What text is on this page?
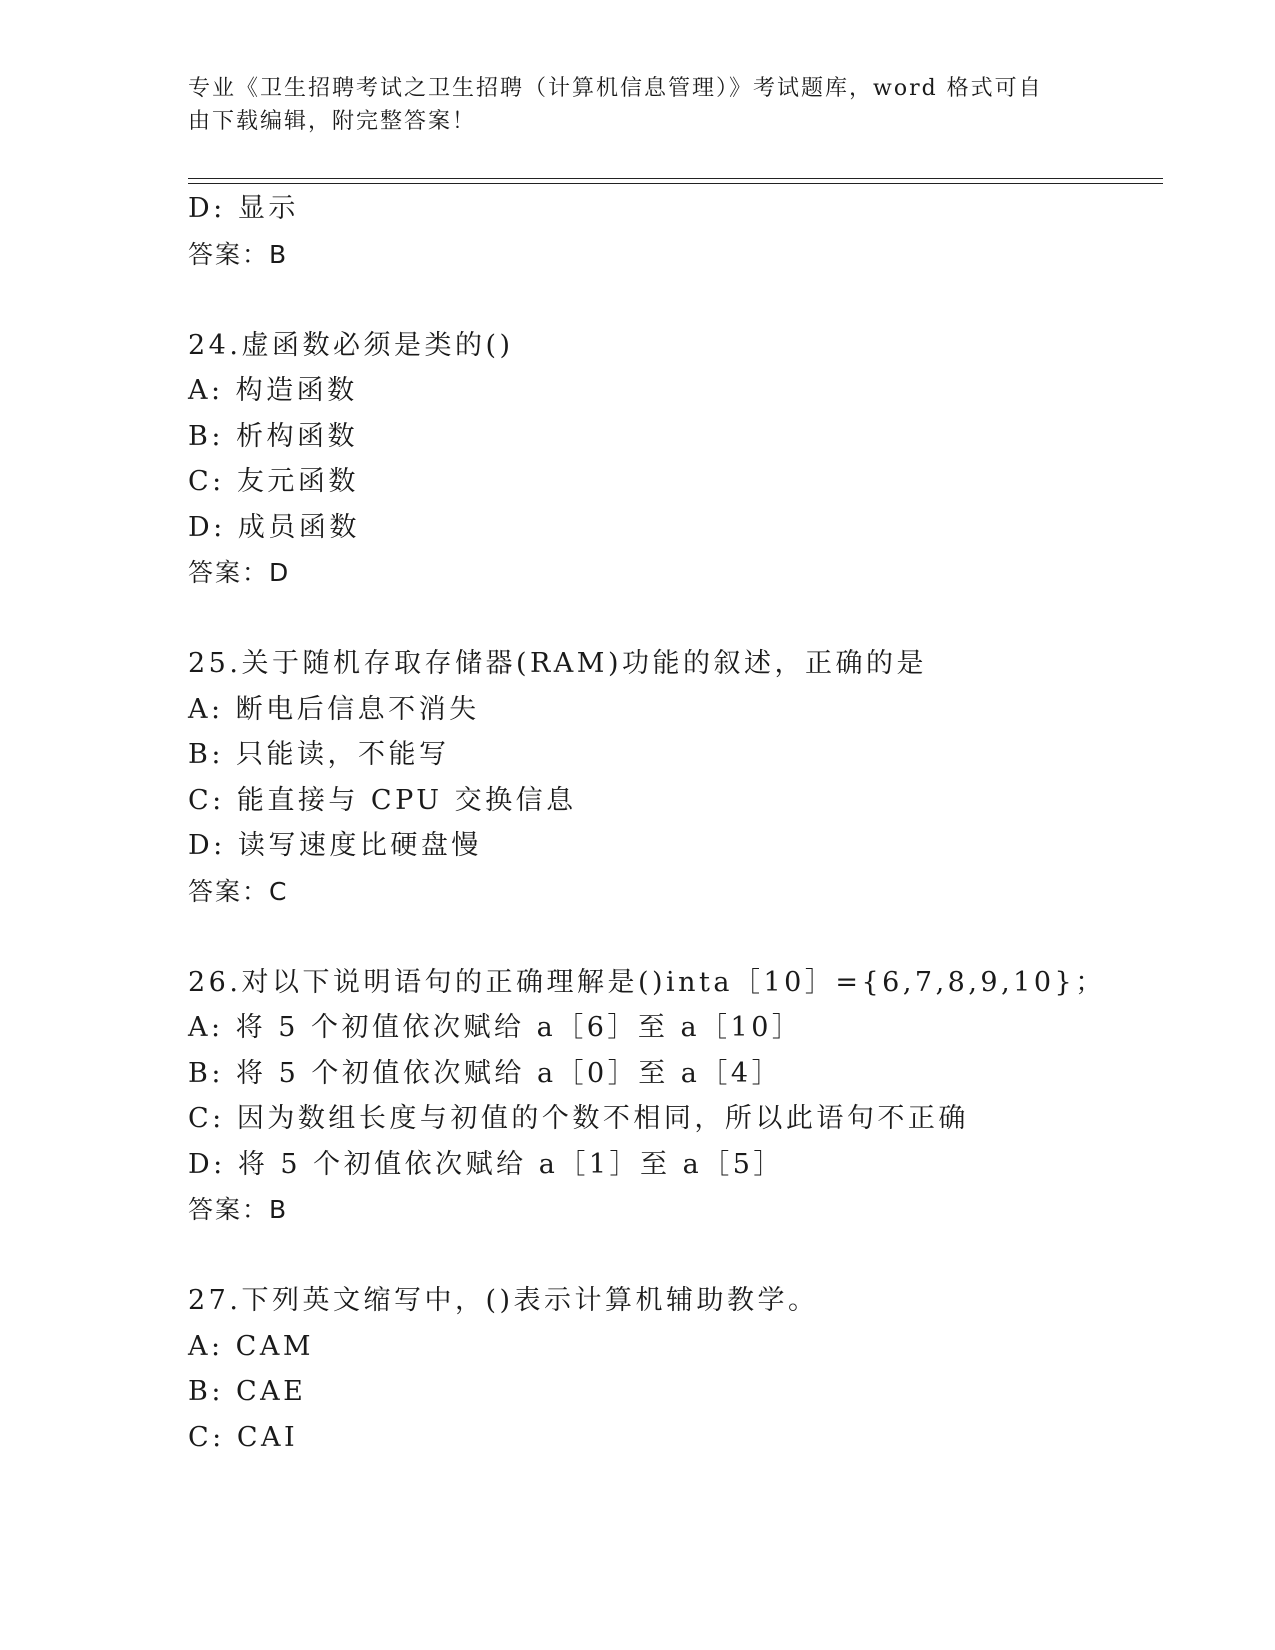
专业《卫生招聘考试之卫生招聘（计算机信息管理）》考试题库，word 格式可自
由下载编辑，附完整答案！
D: 显示
答案：B
24.虚函数必须是类的()
A: 构造函数
B: 析构函数
C: 友元函数
D: 成员函数
答案：D
25.关于随机存取存储器(RAM)功能的叙述，正确的是
A: 断电后信息不消失
B: 只能读，不能写
C: 能直接与 CPU 交换信息
D: 读写速度比硬盘慢
答案：C
26.对以下说明语句的正确理解是()inta［10］={6,7,8,9,10}；
A: 将 5 个初值依次赋给 a［6］至 a［10］
B: 将 5 个初值依次赋给 a［0］至 a［4］
C: 因为数组长度与初值的个数不相同，所以此语句不正确
D: 将 5 个初值依次赋给 a［1］至 a［5］
答案：B
27.下列英文缩写中，()表示计算机辅助教学。
A: CAM
B: CAE
C: CAI
